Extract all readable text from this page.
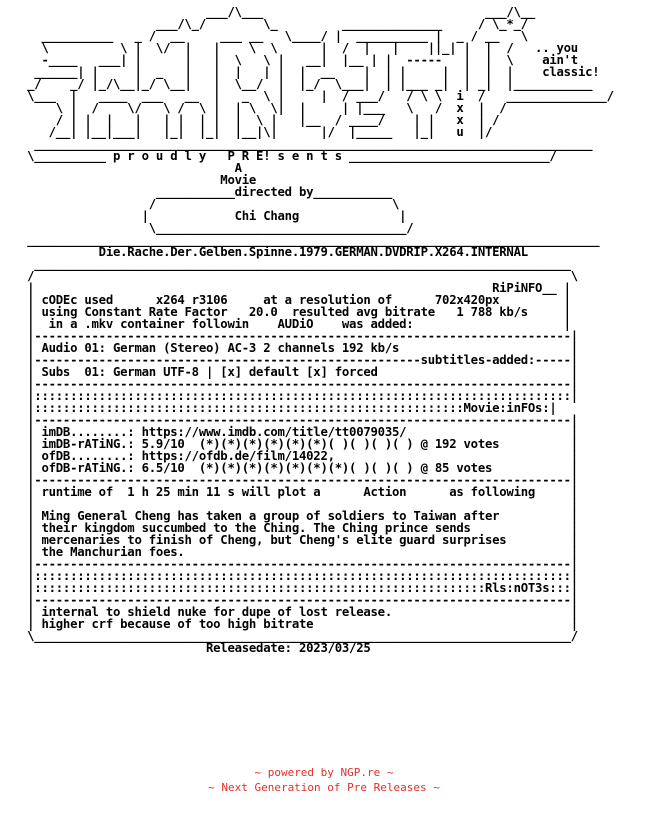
___/\___                               ___/\__
___/\_/        \_         ______________     / \_*_/
__________   _ /  __     ___ __   \____/ |  __________ |  _ / __   \
\          \ |  \/  |   |    \  \      |  /  |   |    ||_| |  |  /   .. you
-____   ___| |      |   |  \   \ |   __|  |__ | |  -----   |  |  \    ain't
______| |     |  _   |   |  |   | |  |  __    |  | |     |  |  |  |    classic!
_/    _/ |_/\__|_/ \__|   |  \__/  |  |_/  \___|  | |___ _|  | _|  |___________
\___  |   ____  ___   __  |   _  \ |     |  / ___/   / \ \  i  /   ______________/
\ |  /    \/   \ /  \ |  | \  \|  |     | |___   \   /  x  |  /
/ | |  |   |   | |  | |  |  \ |   |__  / ____/    | |   x  | /
/__| |__|___|   |_|  |_|  |__|\|      |/  |_____   |_|   u  |/
______________________________________________________________________________
\__________ p r o u d l y   P R E! s e n t s ____________________________/
A
Movie
___________directed by___________
/                                 \
|            Chi Chang              |
\___________________________________/
________________________________________________________________________________
Die.Rache.Der.Gelben.Spinne.1979.GERMAN.DVDRIP.X264.INTERNAL
___________________________________________________________________________
/                                                                           \
|                                                                RiPiNFO__ |
| cODEc used      x264 r3106     at a resolution of      702x420px         |
| using Constant Rate Factor   20.0  resulted avg bitrate   1 788 kb/s     |
|  in a .mkv container followin    AUDiO    was added:                     |
|---------------------------------------------------------------------------|
| Audio 01: German (Stereo) AC-3 2 channels 192 kb/s                        |
|------------------------------------------------------subtitles-added:-----|
| Subs  01: German UTF-8 | [x] default [x] forced                           |
|---------------------------------------------------------------------------|
|:::::::::::::::::::::::::::::::::::::::::::::::::::::::::::::::::::::::::::|
|::::::::::::::::::::::::::::::::::::::::::::::::::::::::::::Movie:inFOs:|
|---------------------------------------------------------------------------|
| imDB........: https://www.imdb.com/title/tt0079035/                       |
| imDB-rATiNG.: 5.9/10  (*)(*)(*)(*)(*)(*)( )( )( )( ) @ 192 votes          |
| ofDB........: https://ofdb.de/film/14022,                                 |
| ofDB-rATiNG.: 6.5/10  (*)(*)(*)(*)(*)(*)(*)( )( )( ) @ 85 votes           |
|---------------------------------------------------------------------------|
| runtime of  1 h 25 min 11 s will plot a      Action      as following     |
|                                                                           |
| Ming General Cheng has taken a group of soldiers to Taiwan after          |
| their kingdom succumbed to the Ching. The Ching prince sends              |
| mercenaries to finish of Cheng, but Cheng's elite guard surprises         |
| the Manchurian foes.                                                      |
|---------------------------------------------------------------------------|
|:::::::::::::::::::::::::::::::::::::::::::::::::::::::::::::::::::::::::::|
|:::::::::::::::::::::::::::::::::::::::::::::::::::::::::::::::Rls:nOT3s:::|
|---------------------------------------------------------------------------|
| internal to shield nuke for dupe of lost release.                         |
| higher crf because of too high bitrate                                    |
\___________________________________________________________________________/
Releasedate: 2023/03/25
~ powered by NGP.re ~
~ Next Generation of Pre Releases ~
